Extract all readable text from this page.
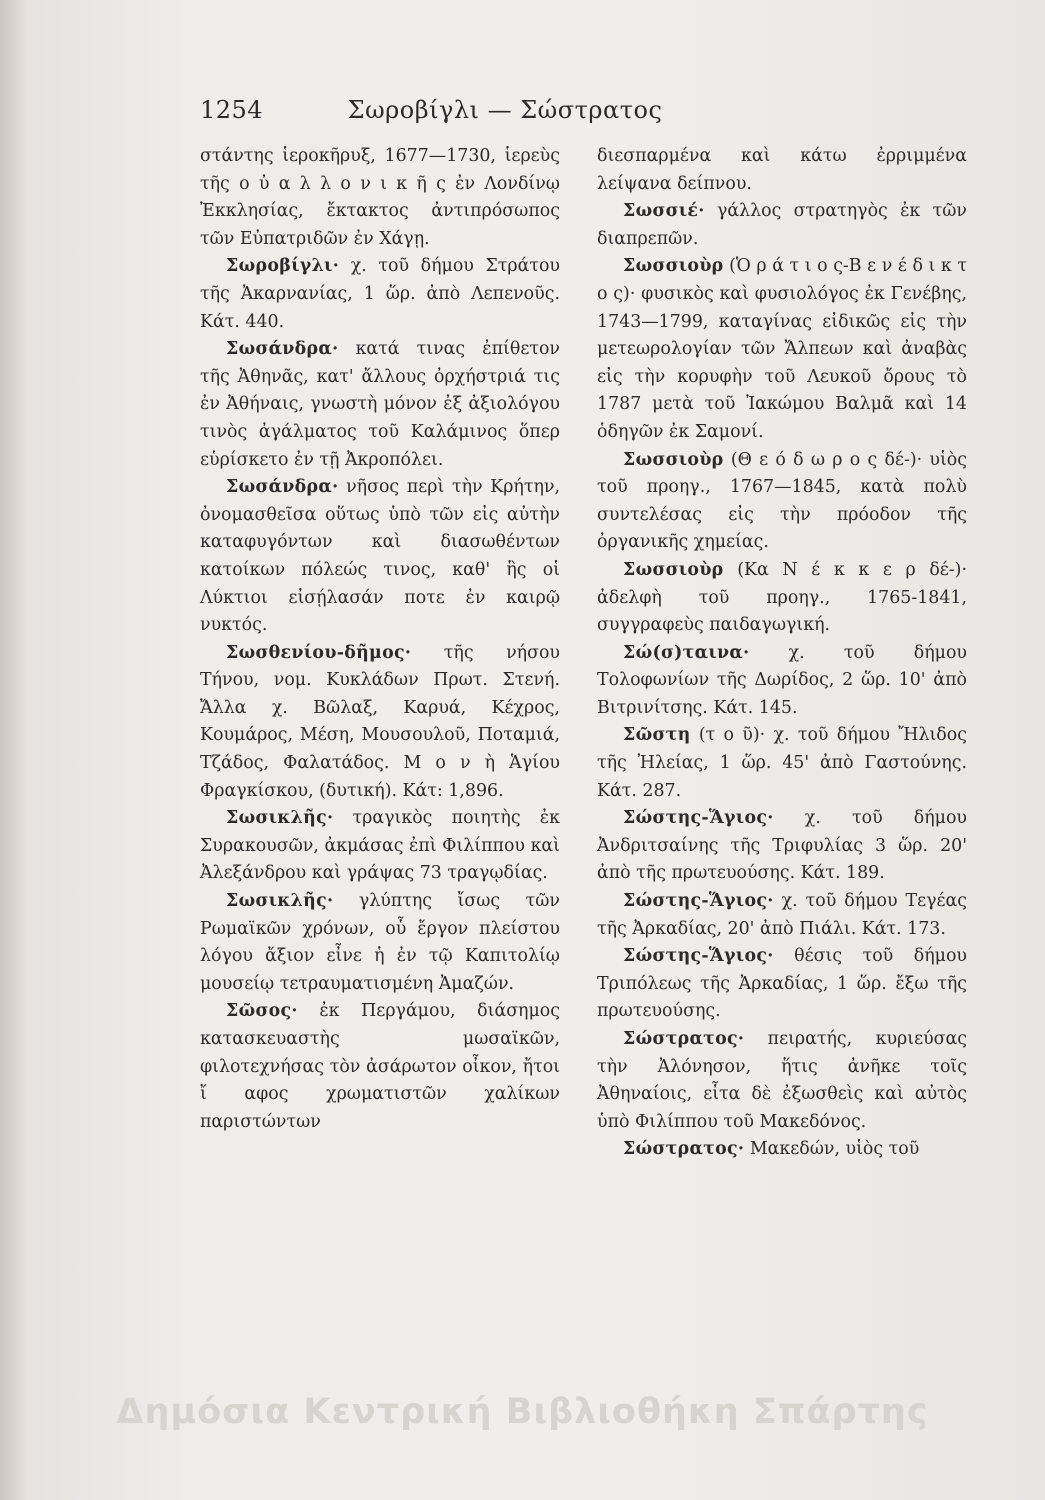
1254	Σωροβίγλι — Σώστρατος

στάντης ἱεροκῆρυξ, 1677—1730, ἱερεὺς τῆς ο ὐ α λ λ ο ν ι κ ῆ ς ἐν Λονδίνῳ Ἐκκλησίας, ἔκτακτος ἀντιπρόσωπος τῶν Εὐπατριδῶν ἐν Χάγῃ.

Σωροβίγλι· χ. τοῦ δήμου Στράτου τῆς Ἀκαρνανίας, 1 ὥρ. ἀπὸ Λεπενοῦς. Κάτ. 440.

Σωσάνδρα· κατά τινας ἐπίθετον τῆς Ἀθηνᾶς, κατ' ἄλλους ὀρχήστριά τις ἐν Ἀθήναις, γνωστὴ μόνον ἐξ ἀξιολόγου τινὸς ἀγάλματος τοῦ Καλάμινος ὅπερ εὑρίσκετο ἐν τῇ Ἀκροπόλει.

Σωσάνδρα· νῆσος περὶ τὴν Κρήτην, ὀνομασθεῖσα οὕτως ὑπὸ τῶν εἰς αὐτὴν καταφυγόντων καὶ διασωθέντων κατοίκων πόλεώς τινος, καθ' ἣς οἱ Λύκτιοι εἰσῄλασάν ποτε ἐν καιρῷ νυκτός.

Σωσθενίου-δῆμος· τῆς νήσου Τήνου, νομ. Κυκλάδων Πρωτ. Στενή. Ἄλλα χ. Βῶλαξ, Καρυά, Κέχρος, Κουμάρος, Μέση, Μουσουλοῦ, Ποταμιά, Τζάδος, Φαλατάδος. Μ ο ν ὴ Ἁγίου Φραγκίσκου, (δυτική). Κάτ: 1,896.

Σωσικλῆς· τραγικὸς ποιητὴς ἐκ Συρακουσῶν, ἀκμάσας ἐπὶ Φιλίππου καὶ Ἀλεξάνδρου καὶ γράψας 73 τραγῳδίας.

Σωσικλῆς· γλύπτης ἴσως τῶν Ρωμαϊκῶν χρόνων, οὗ ἔργον πλείστου λόγου ἄξιον εἶνε ἡ ἐν τῷ Καπιτολίῳ μουσείῳ τετραυματισμένη Ἀμαζών.

Σῶσος· ἐκ Περγάμου, διάσημος κατασκευαστὴς μωσαϊκῶν, φιλοτεχνήσας τὸν ἀσάρωτον οἶκον, ἤτοι ἴ αφος χρωματιστῶν χαλίκων παριστώντων

διεσπαρμένα καὶ κάτω ἐρριμμένα λείψανα δείπνου.

Σωσσιέ· γάλλος στρατηγὸς ἐκ τῶν διαπρεπῶν.

Σωσσιοὺρ (Ὁ ρ ά τ ι ο ς-Β ε ν έ δ ι κ τ ο ς)· φυσικὸς καὶ φυσιολόγος ἐκ Γενέβης, 1743—1799, καταγίνας εἰδικῶς εἰς τὴν μετεωρολογίαν τῶν Ἄλπεων καὶ ἀναβὰς εἰς τὴν κορυφὴν τοῦ Λευκοῦ ὄρους τὸ 1787 μετὰ τοῦ Ἰακώμου Βαλμᾶ καὶ 14 ὁδηγῶν ἐκ Σαμονί.

Σωσσιοὺρ (Θ ε ό δ ω ρ ο ς δέ-)· υἱὸς τοῦ προηγ., 1767—1845, κατὰ πολὺ συντελέσας εἰς τὴν πρόοδον τῆς ὀργανικῆς χημείας.

Σωσσιοὺρ (Κα Ν έ κ κ ε ρ δέ-)· ἀδελφὴ τοῦ προηγ., 1765-1841, συγγραφεὺς παιδαγωγική.

Σώ(σ)ταινα· χ. τοῦ δήμου Τολοφωνίων τῆς Δωρίδος, 2 ὥρ. 10' ἀπὸ Βιτρινίτσης. Κάτ. 145.

Σῶστη (τ ο ῦ)· χ. τοῦ δήμου Ἤλιδος τῆς Ἠλείας, 1 ὥρ. 45' ἀπὸ Γαστούνης. Κάτ. 287.

Σώστης-Ἅγιος· χ. τοῦ δήμου Ἀνδριτσαίνης τῆς Τριφυλίας 3 ὥρ. 20' ἀπὸ τῆς πρωτευούσης. Κάτ. 189.

Σώστης-Ἅγιος· χ. τοῦ δήμου Τεγέας τῆς Ἀρκαδίας, 20' ἀπὸ Πιάλι. Κάτ. 173.

Σώστης-Ἅγιος· θέσις τοῦ δήμου Τριπόλεως τῆς Ἀρκαδίας, 1 ὥρ. ἔξω τῆς πρωτευούσης.

Σώστρατος· πειρατής, κυριεύσας τὴν Ἀλόνησον, ἥτις ἀνῆκε τοῖς Ἀθηναίοις, εἶτα δὲ ἐξωσθεὶς καὶ αὐτὸς ὑπὸ Φιλίππου τοῦ Μακεδόνος.

Σώστρατος· Μακεδών, υἱὸς τοῦ

Δημόσια Κεντρική Βιβλιοθήκη Σπάρτης
